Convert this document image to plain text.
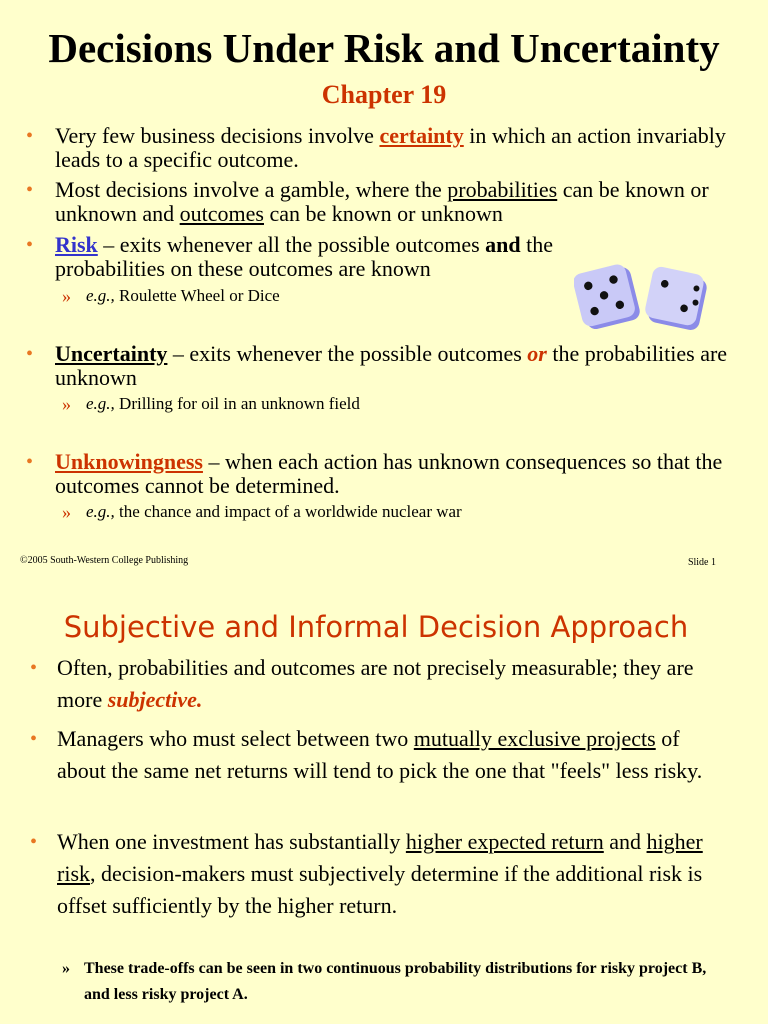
Decisions Under Risk and Uncertainty
Chapter 19
• Very few business decisions involve certainty in which an action invariably leads to a specific outcome.
• Most decisions involve a gamble, where the probabilities can be known or unknown and outcomes can be known or unknown
• Risk – exits whenever all the possible outcomes and the probabilities on these outcomes are known
» e.g., Roulette Wheel or Dice
• Uncertainty – exits whenever the possible outcomes or the probabilities are unknown
» e.g., Drilling for oil in an unknown field
• Unknowingness – when each action has unknown consequences so that the outcomes cannot be determined.
» e.g., the chance and impact of a worldwide nuclear war
©2005 South-Western College Publishing	Slide 1
Subjective and Informal Decision Approach
• Often, probabilities and outcomes are not precisely measurable; they are more subjective.
• Managers who must select between two mutually exclusive projects of about the same net returns will tend to pick the one that "feels" less risky.
• When one investment has substantially higher expected return and higher risk, decision-makers must subjectively determine if the additional risk is offset sufficiently by the higher return.
» These trade-offs can be seen in two continuous probability distributions for risky project B, and less risky project A.
